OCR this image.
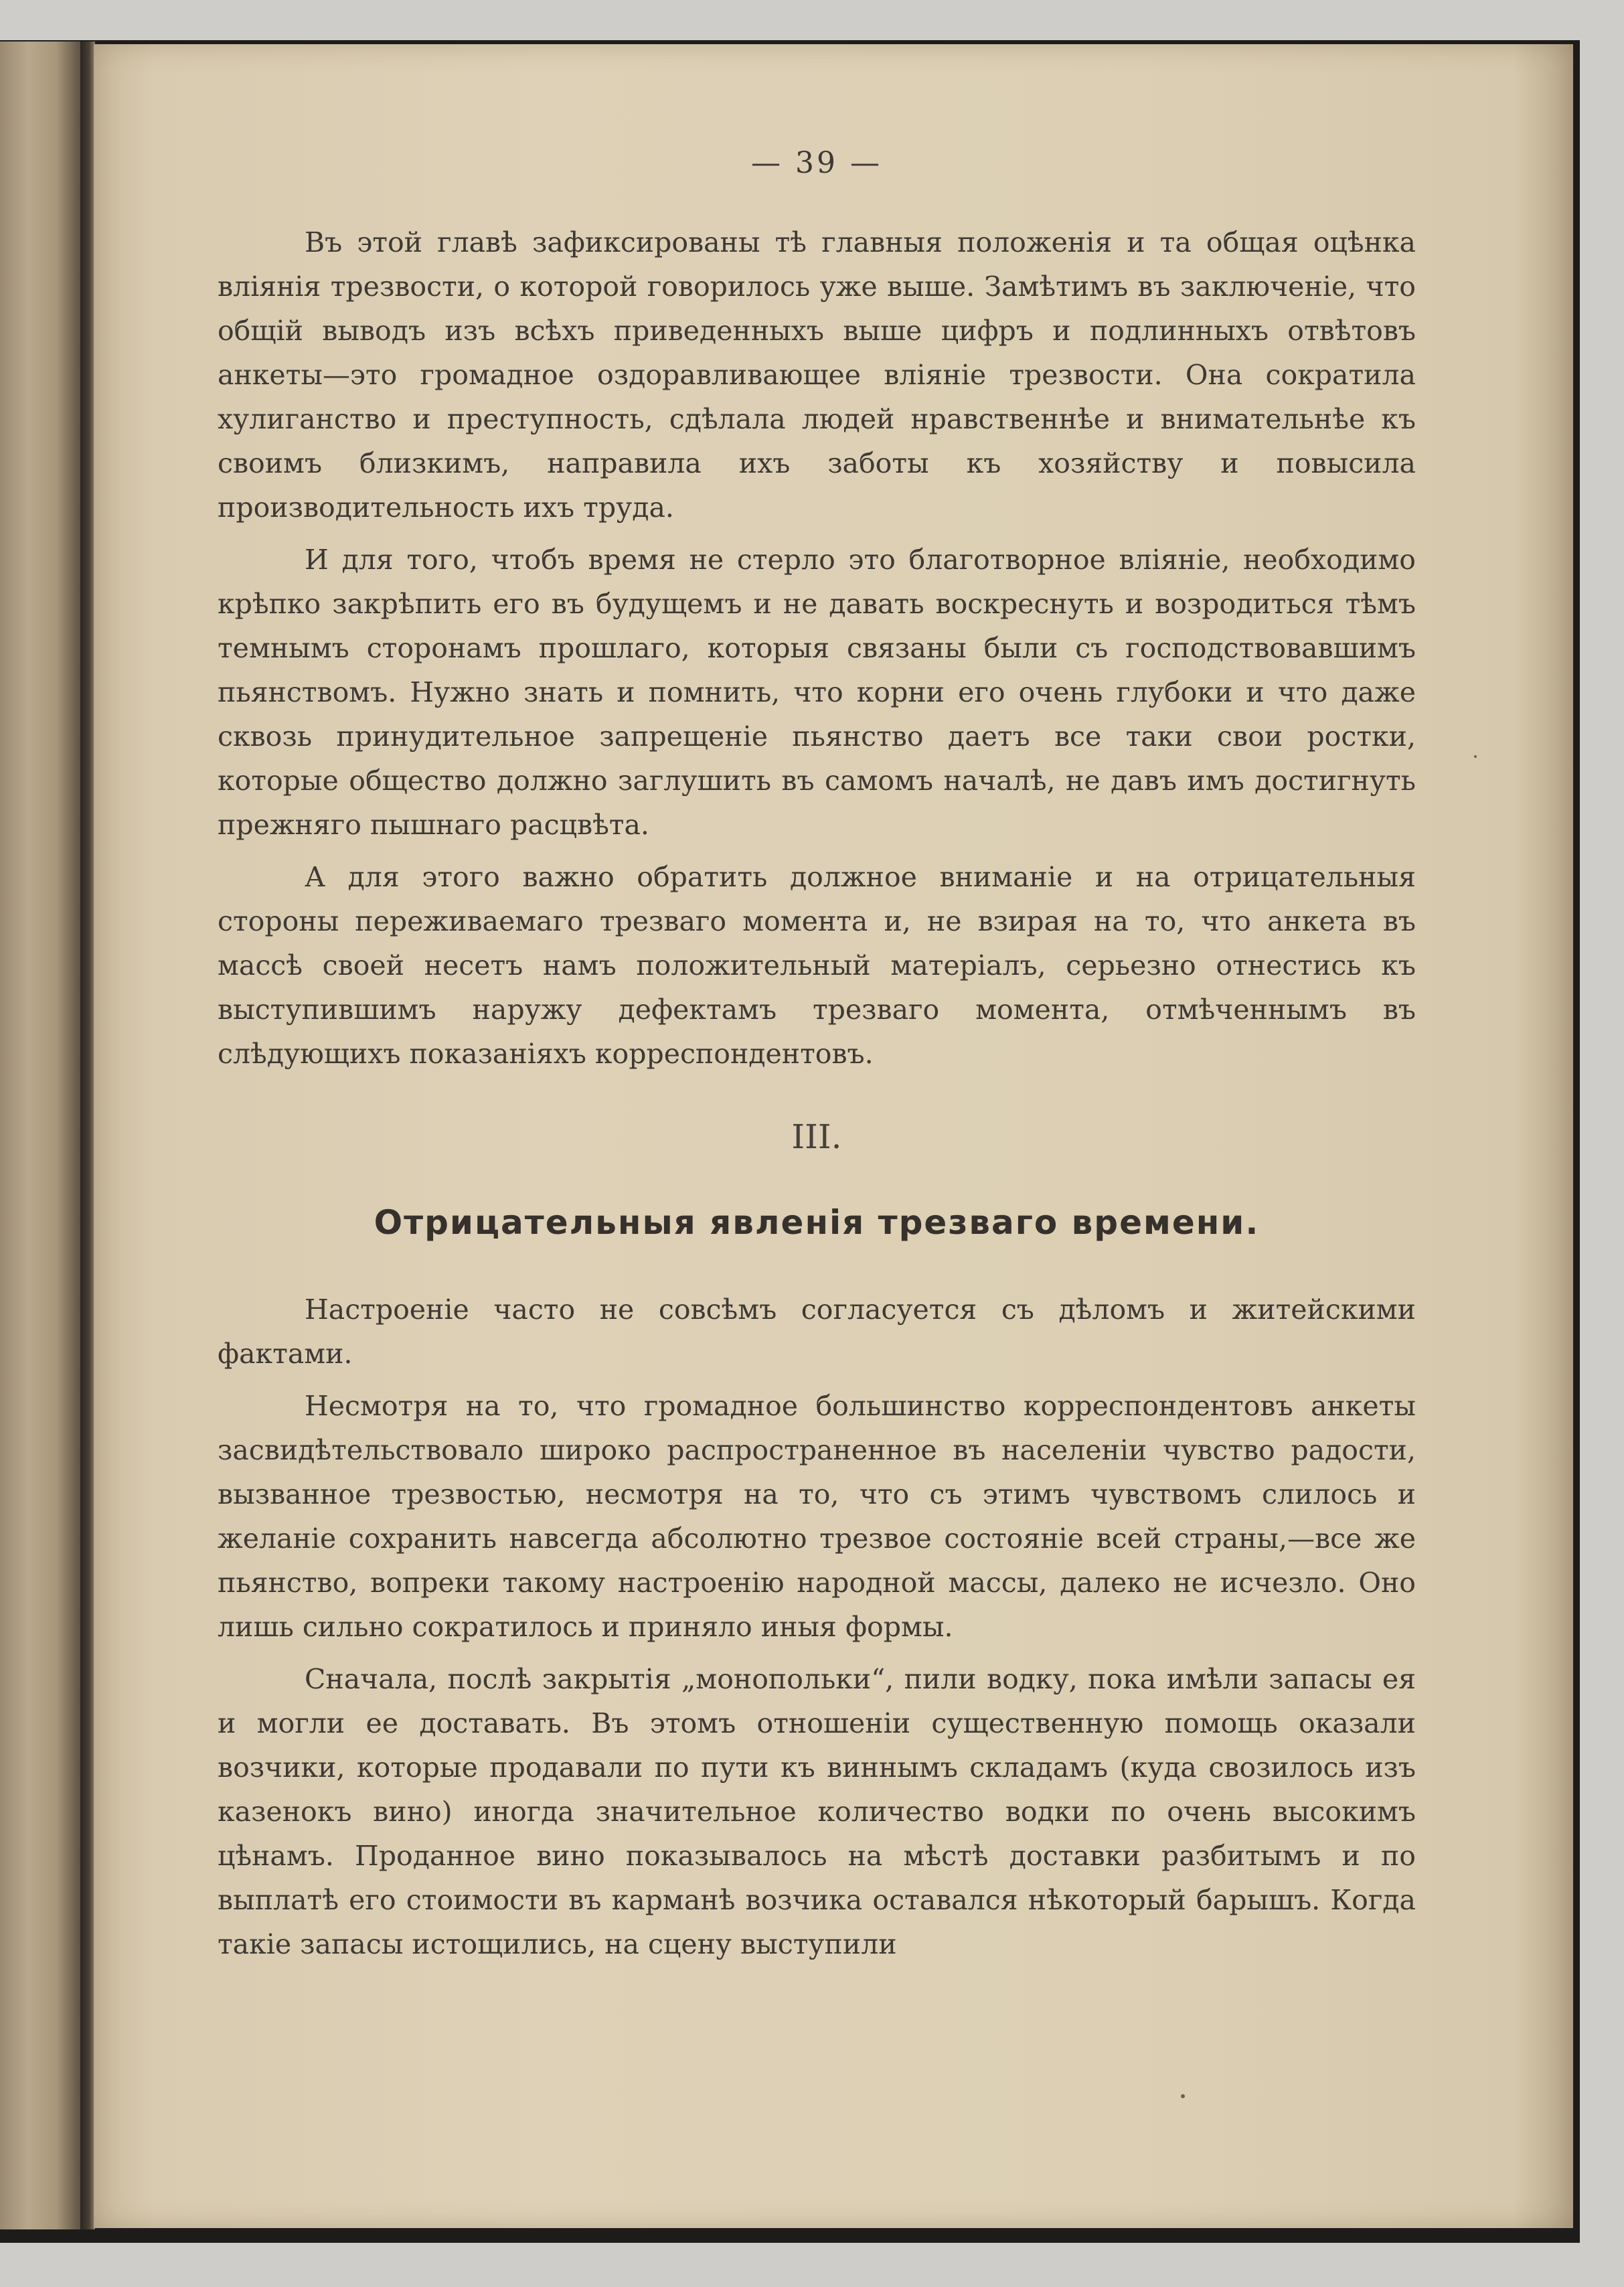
— 39 —

Въ этой главѣ зафиксированы тѣ главныя положенія и та общая оцѣнка вліянія трезвости, о которой говорилось уже выше. Замѣтимъ въ заключеніе, что общій выводъ изъ всѣхъ приведенныхъ выше цифръ и подлинныхъ отвѣтовъ анкеты—это громадное оздоравливающее вліяніе трезвости. Она сократила хулиганство и преступность, сдѣлала людей нравственнѣе и внимательнѣе къ своимъ близкимъ, направила ихъ заботы къ хозяйству и повысила производительность ихъ труда.

И для того, чтобъ время не стерло это благотворное вліяніе, необходимо крѣпко закрѣпить его въ будущемъ и не давать воскреснуть и возродиться тѣмъ темнымъ сторонамъ прошлаго, которыя связаны были съ господствовавшимъ пьянствомъ. Нужно знать и помнить, что корни его очень глубоки и что даже сквозь принудительное запрещеніе пьянство даетъ все таки свои ростки, которые общество должно заглушить въ самомъ началѣ, не давъ имъ достигнуть прежняго пышнаго расцвѣта.

А для этого важно обратить должное вниманіе и на отрицательныя стороны переживаемаго трезваго момента и, не взирая на то, что анкета въ массѣ своей несетъ намъ положительный матеріалъ, серьезно отнестись къ выступившимъ наружу дефектамъ трезваго момента, отмѣченнымъ въ слѣдующихъ показаніяхъ корреспондентовъ.

III.
Отрицательныя явленія трезваго времени.

Настроеніе часто не совсѣмъ согласуется съ дѣломъ и житейскими фактами.

Несмотря на то, что громадное большинство корреспондентовъ анкеты засвидѣтельствовало широко распространенное въ населеніи чувство радости, вызванное трезвостью, несмотря на то, что съ этимъ чувствомъ слилось и желаніе сохранить навсегда абсолютно трезвое состояніе всей страны,—все же пьянство, вопреки такому настроенію народной массы, далеко не исчезло. Оно лишь сильно сократилось и приняло иныя формы.

Сначала, послѣ закрытія „монопольки“, пили водку, пока имѣли запасы ея и могли ее доставать. Въ этомъ отношеніи существенную помощь оказали возчики, которые продавали по пути къ виннымъ складамъ (куда свозилось изъ казенокъ вино) иногда значительное количество водки по очень высокимъ цѣнамъ. Проданное вино показывалось на мѣстѣ доставки разбитымъ и по выплатѣ его стоимости въ карманѣ возчика оставался нѣкоторый барышъ. Когда такіе запасы истощились, на сцену выступили
